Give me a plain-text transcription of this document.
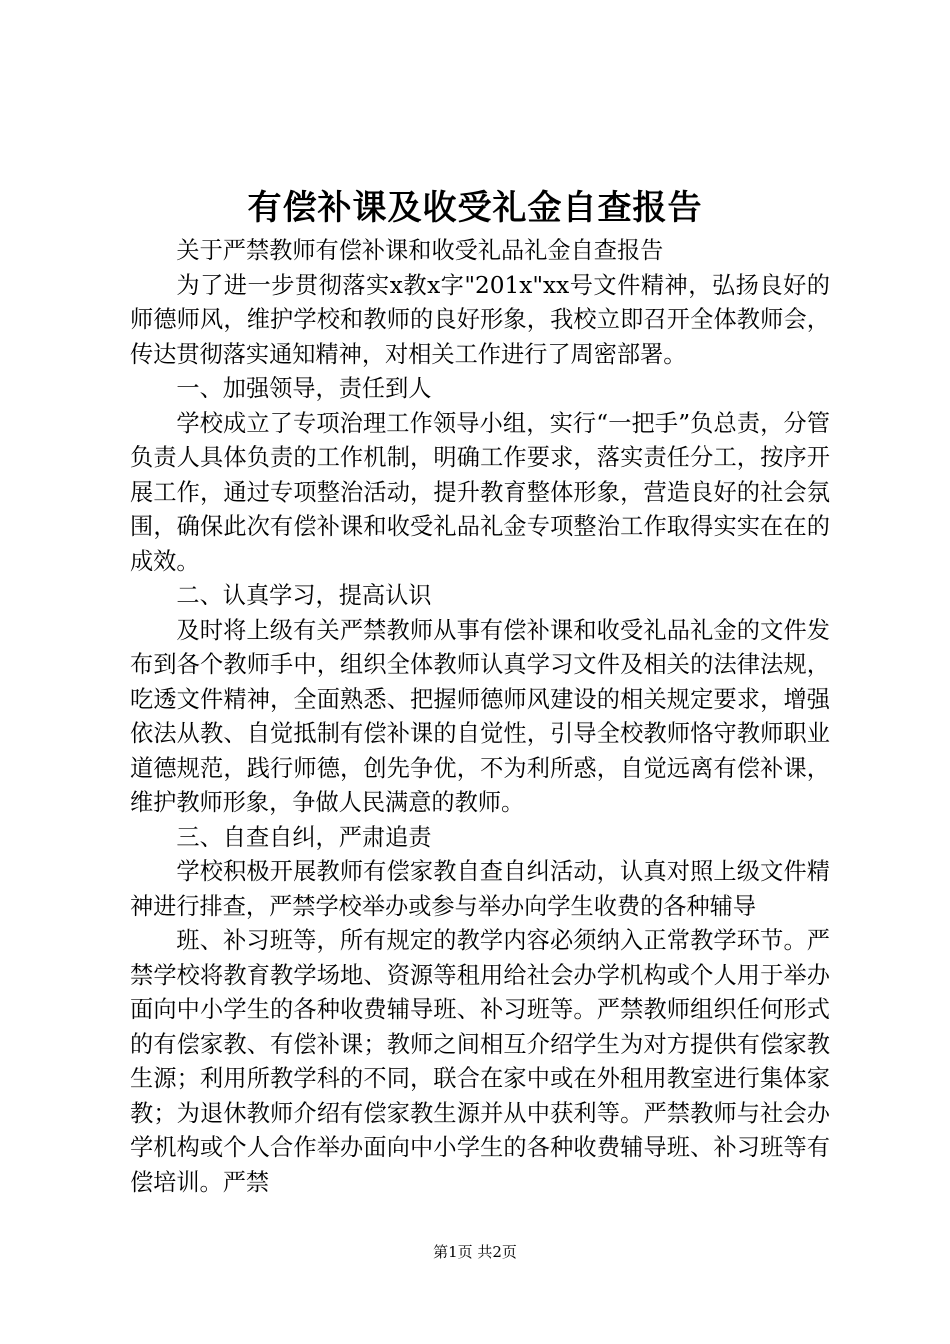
有偿补课及收受礼金自查报告

关于严禁教师有偿补课和收受礼品礼金自查报告

为了进一步贯彻落实x教x字"201x"xx号文件精神，弘扬良好的师德师风，维护学校和教师的良好形象，我校立即召开全体教师会，传达贯彻落实通知精神，对相关工作进行了周密部署。

一、加强领导，责任到人

学校成立了专项治理工作领导小组，实行“一把手”负总责，分管负责人具体负责的工作机制，明确工作要求，落实责任分工，按序开展工作，通过专项整治活动，提升教育整体形象，营造良好的社会氛围，确保此次有偿补课和收受礼品礼金专项整治工作取得实实在在的成效。

二、认真学习，提高认识

及时将上级有关严禁教师从事有偿补课和收受礼品礼金的文件发布到各个教师手中，组织全体教师认真学习文件及相关的法律法规，吃透文件精神，全面熟悉、把握师德师风建设的相关规定要求，增强依法从教、自觉抵制有偿补课的自觉性，引导全校教师恪守教师职业道德规范，践行师德，创先争优，不为利所惑，自觉远离有偿补课，维护教师形象，争做人民满意的教师。

三、自查自纠，严肃追责

学校积极开展教师有偿家教自查自纠活动，认真对照上级文件精神进行排查，严禁学校举办或参与举办向学生收费的各种辅导

班、补习班等，所有规定的教学内容必须纳入正常教学环节。严禁学校将教育教学场地、资源等租用给社会办学机构或个人用于举办面向中小学生的各种收费辅导班、补习班等。严禁教师组织任何形式的有偿家教、有偿补课；教师之间相互介绍学生为对方提供有偿家教生源；利用所教学科的不同，联合在家中或在外租用教室进行集体家教；为退休教师介绍有偿家教生源并从中获利等。严禁教师与社会办学机构或个人合作举办面向中小学生的各种收费辅导班、补习班等有偿培训。严禁

第1页 共2页
